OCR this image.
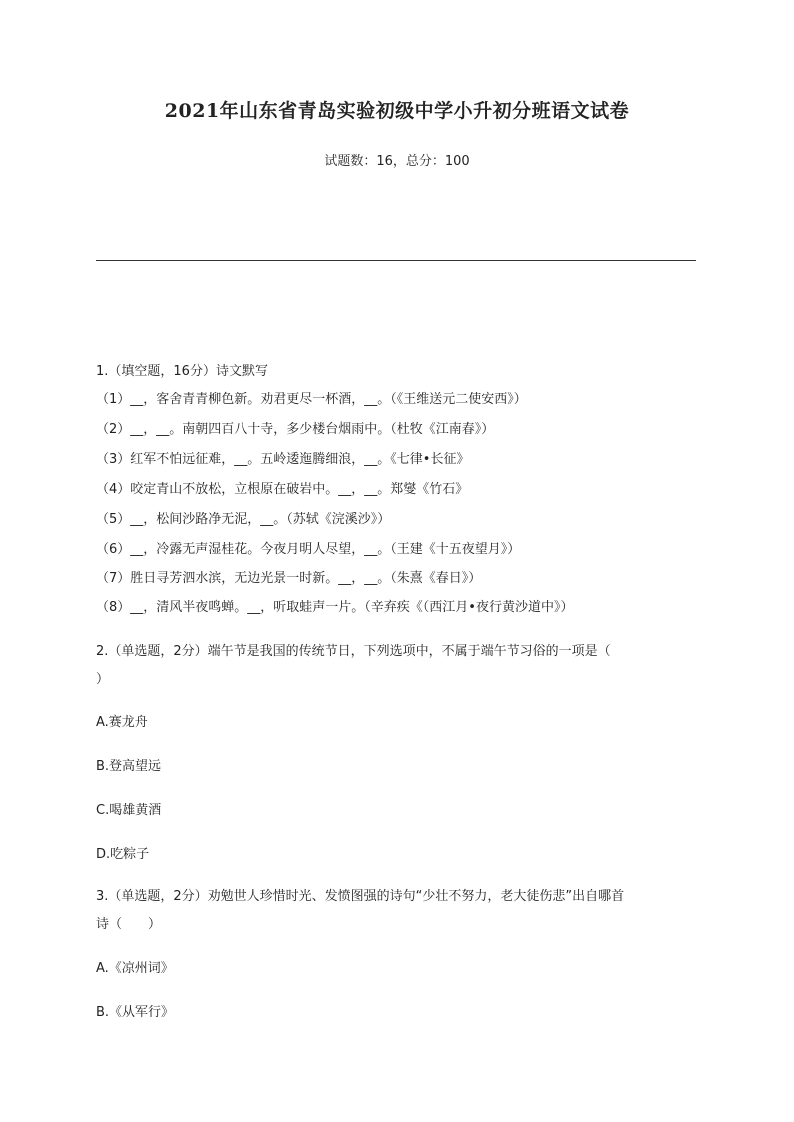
2021年山东省青岛实验初级中学小升初分班语文试卷
试题数：16，总分：100
1.（填空题，16分）诗文默写
（1）__，客舍青青柳色新。劝君更尽一杯酒，__。（《王维送元二使安西》）
（2）__，__。南朝四百八十寺，多少楼台烟雨中。（杜牧《江南春》）
（3）红军不怕远征难，__。五岭逶迤腾细浪，__。《七律•长征》
（4）咬定青山不放松，立根原在破岩中。__，__。郑燮《竹石》
（5）__，松间沙路净无泥，__。（苏轼《浣溪沙》）
（6）__，冷露无声湿桂花。今夜月明人尽望，__。（王建《十五夜望月》）
（7）胜日寻芳泗水滨，无边光景一时新。__，__。（朱熹《春日》）
（8）__，清风半夜鸣蝉。__，听取蛙声一片。（辛弃疾《（西江月•夜行黄沙道中》）
2.（单选题，2分）端午节是我国的传统节日，下列选项中，不属于端午节习俗的一项是（
）
A.赛龙舟
B.登高望远
C.喝雄黄酒
D.吃粽子
3.（单选题，2分）劝勉世人珍惜时光、发愤图强的诗句“少壮不努力，老大徒伤悲”出自哪首
诗（　　）
A.《凉州词》
B.《从军行》
